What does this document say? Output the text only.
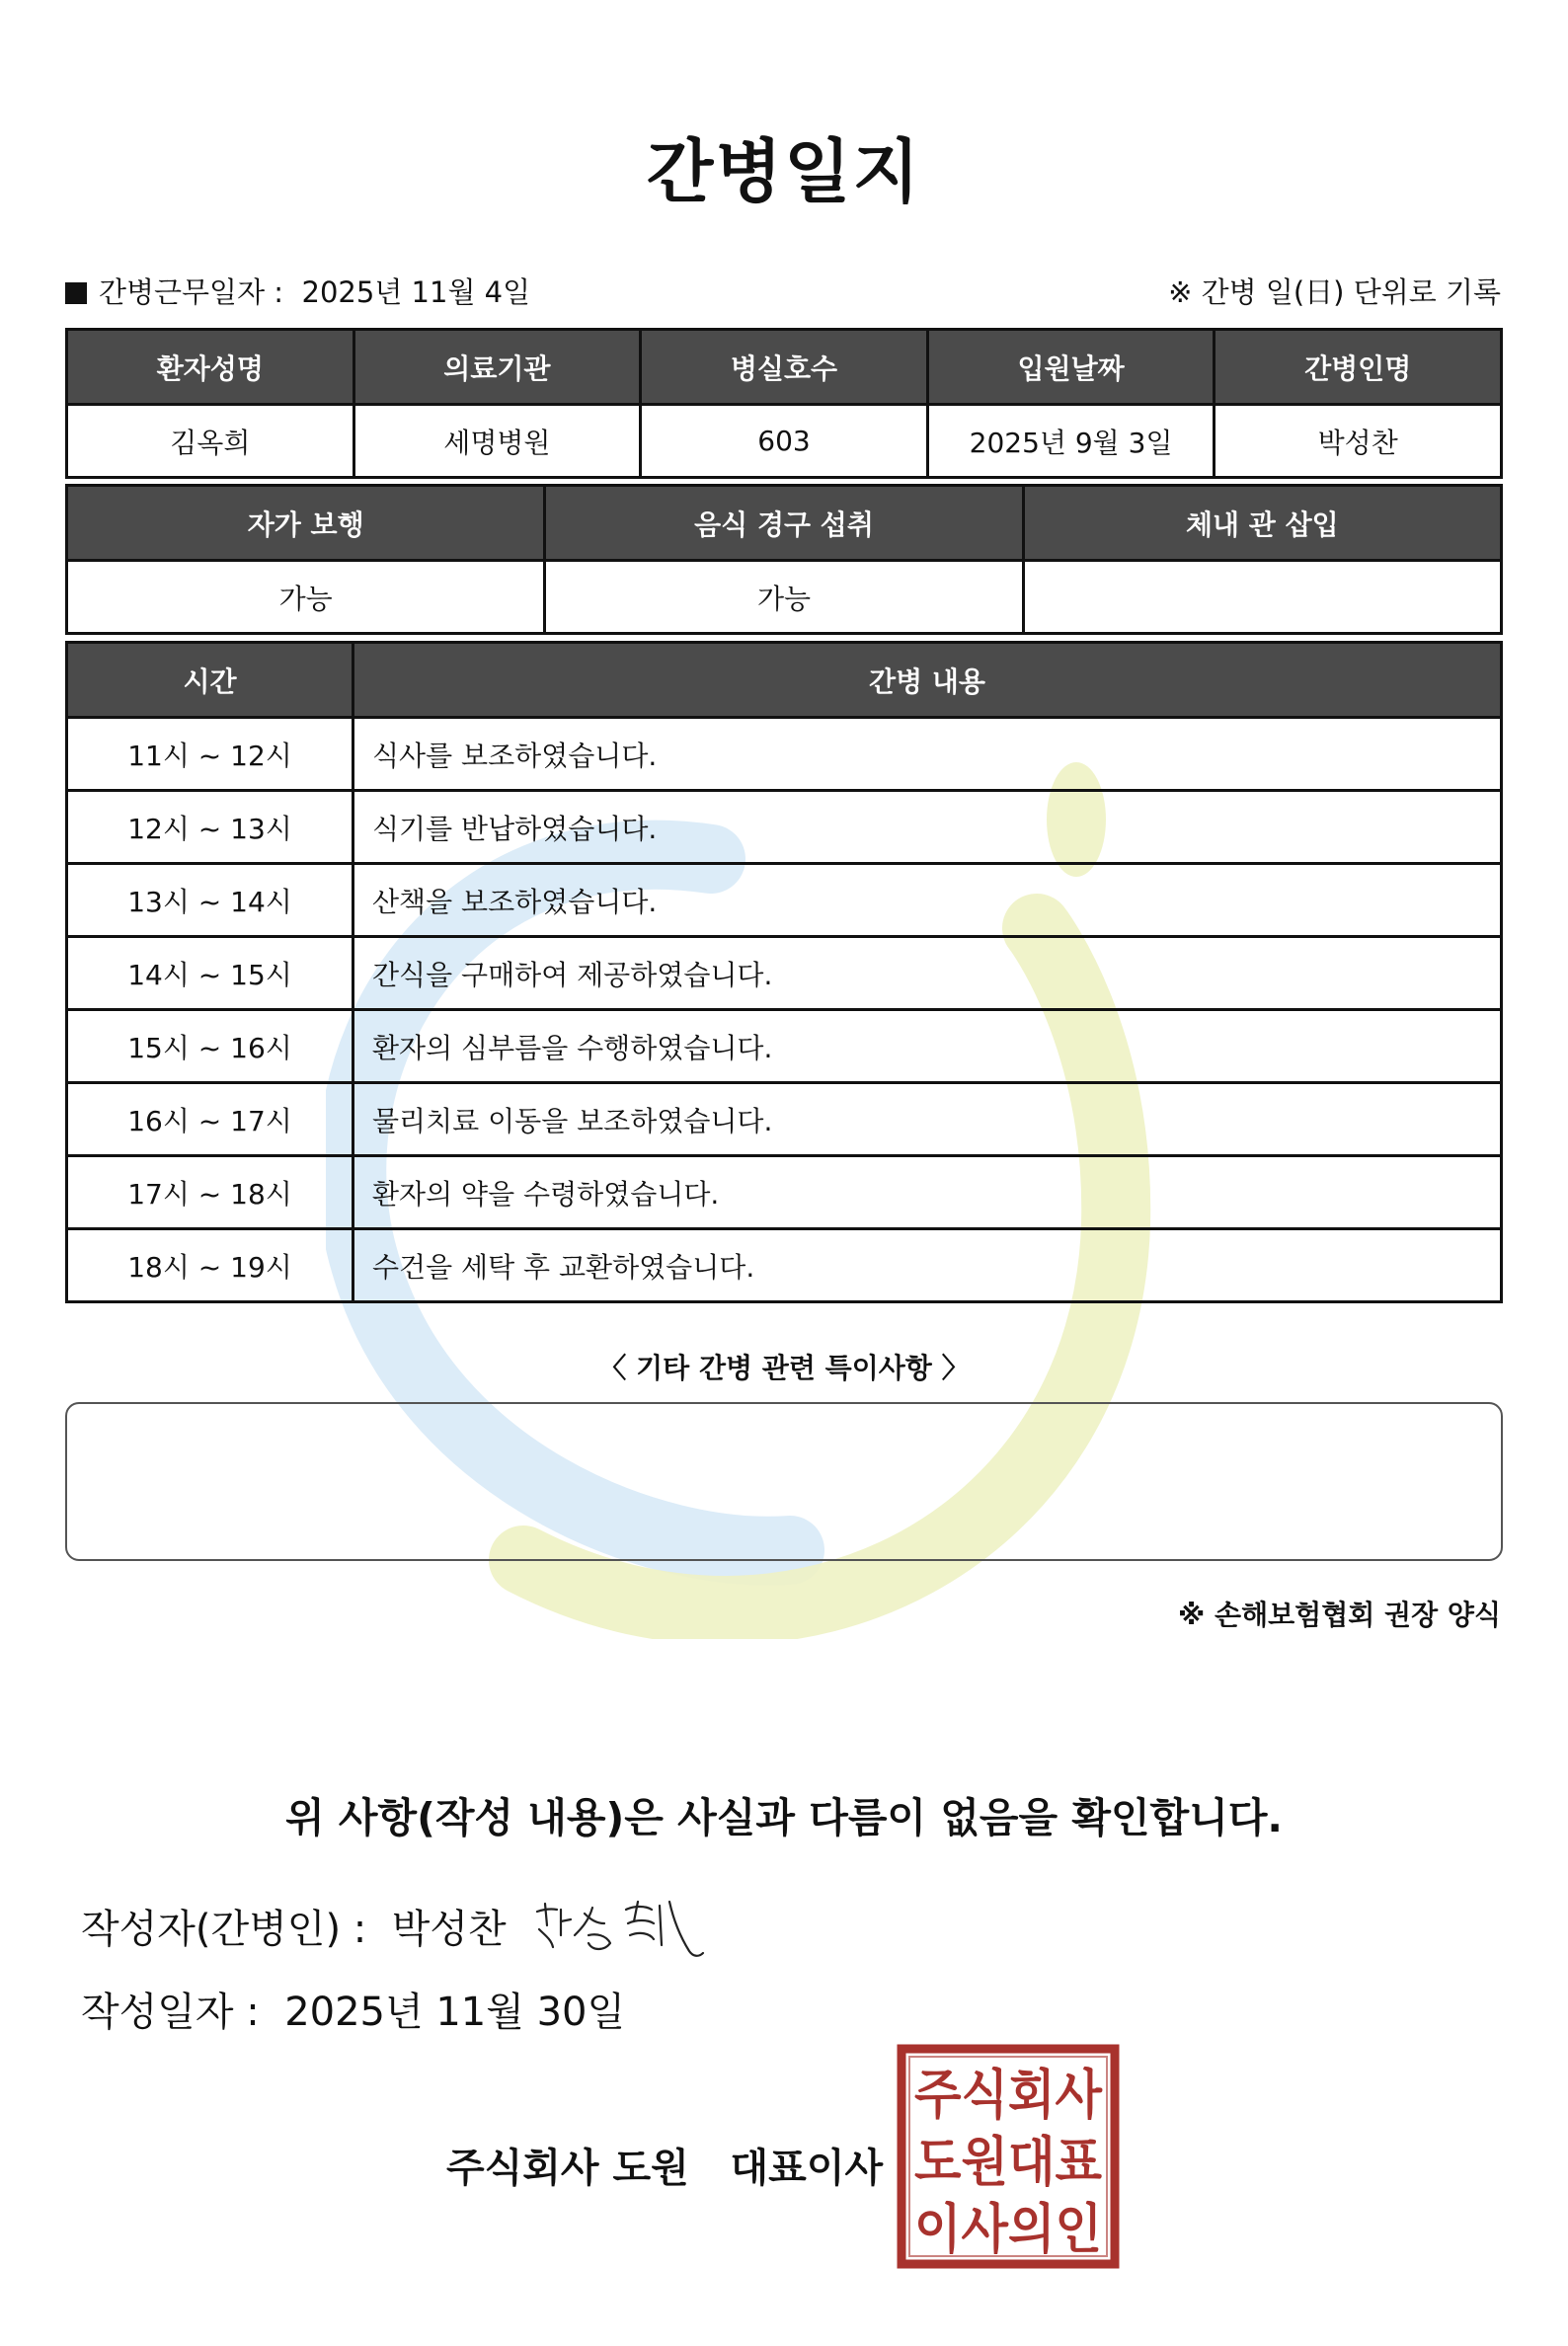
간병일지
간병근무일자 : 2025년 11월 4일	※ 간병 일(日) 단위로 기록
환자성명	의료기관	병실호수	입원날짜	간병인명
김옥희	세명병원	603	2025년 9월 3일	박성찬
자가 보행	음식 경구 섭취	체내 관 삽입
가능	가능	
시간	간병 내용
11시 ~ 12시	식사를 보조하였습니다.
12시 ~ 13시	식기를 반납하였습니다.
13시 ~ 14시	산책을 보조하였습니다.
14시 ~ 15시	간식을 구매하여 제공하였습니다.
15시 ~ 16시	환자의 심부름을 수행하였습니다.
16시 ~ 17시	물리치료 이동을 보조하였습니다.
17시 ~ 18시	환자의 약을 수령하였습니다.
18시 ~ 19시	수건을 세탁 후 교환하였습니다.
〈 기타 간병 관련 특이사항 〉
※ 손해보험협회 권장 양식
위 사항(작성 내용)은 사실과 다름이 없음을 확인합니다.
작성자(간병인) : 박성찬
작성일자 : 2025년 11월 30일
주식회사 도원   대표이사
주식회사
도원대표
이사의인
